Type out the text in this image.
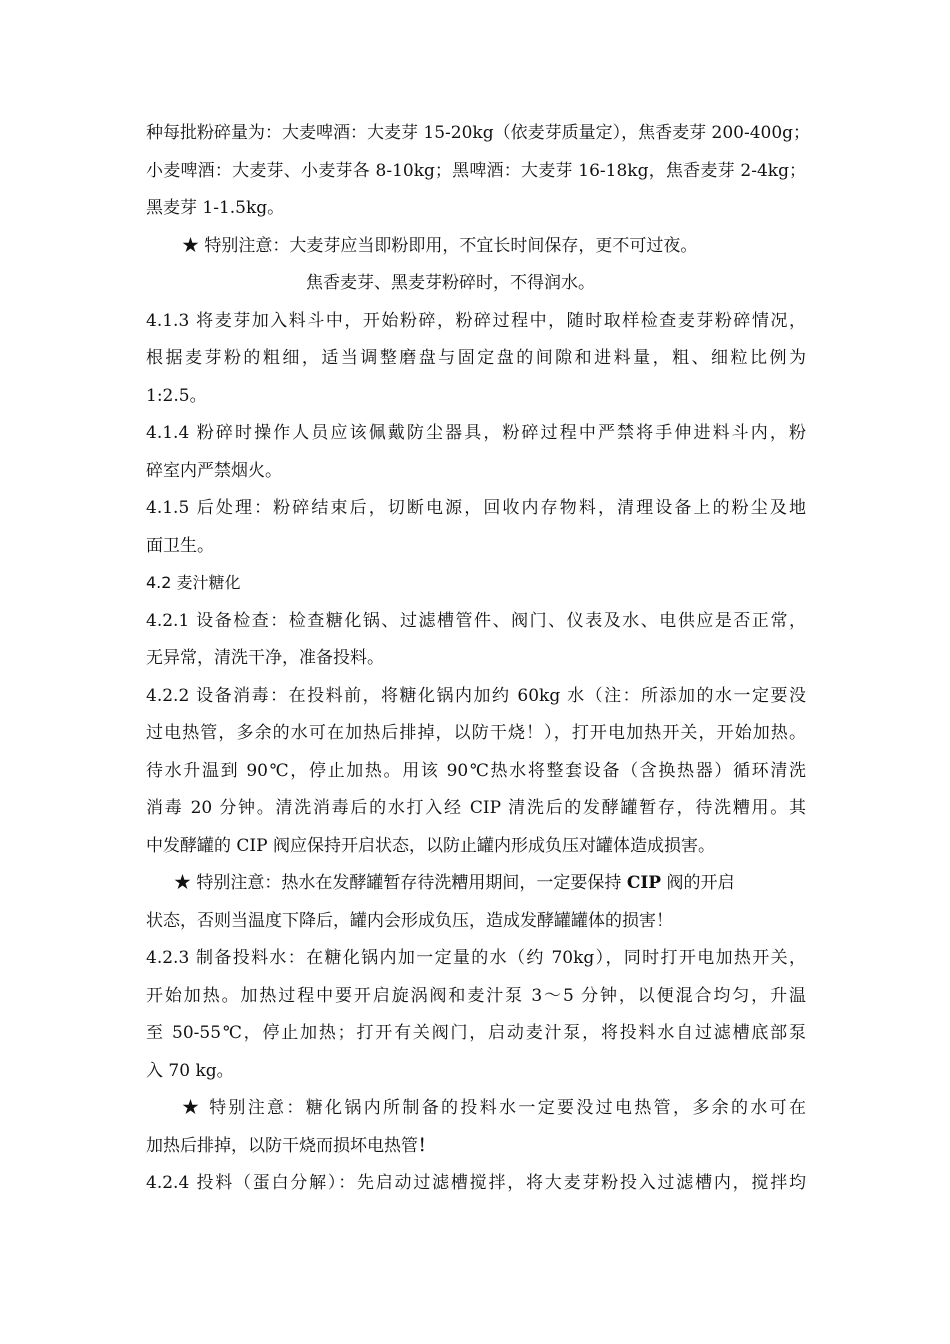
种每批粉碎量为：大麦啤酒：大麦芽 15-20kg（依麦芽质量定），焦香麦芽 200-400g；
小麦啤酒：大麦芽、小麦芽各 8-10kg；黑啤酒：大麦芽 16-18kg，焦香麦芽 2-4kg；
黑麦芽 1-1.5kg。
★ 特别注意：大麦芽应当即粉即用，不宜长时间保存，更不可过夜。
焦香麦芽、黑麦芽粉碎时，不得润水。
4.1.3 将麦芽加入料斗中，开始粉碎，粉碎过程中，随时取样检查麦芽粉碎情况，
根据麦芽粉的粗细，适当调整磨盘与固定盘的间隙和进料量，粗、细粒比例为
1:2.5。
4.1.4 粉碎时操作人员应该佩戴防尘器具，粉碎过程中严禁将手伸进料斗内，粉
碎室内严禁烟火。
4.1.5 后处理：粉碎结束后，切断电源，回收内存物料，清理设备上的粉尘及地
面卫生。
4.2 麦汁糖化
4.2.1 设备检查：检查糖化锅、过滤槽管件、阀门、仪表及水、电供应是否正常，
无异常，清洗干净，准备投料。
4.2.2 设备消毒：在投料前，将糖化锅内加约 60kg 水（注：所添加的水一定要没
过电热管，多余的水可在加热后排掉，以防干烧！），打开电加热开关，开始加热。
待水升温到 90℃，停止加热。用该 90℃热水将整套设备（含换热器）循环清洗
消毒 20 分钟。清洗消毒后的水打入经 CIP 清洗后的发酵罐暂存，待洗糟用。其
中发酵罐的 CIP 阀应保持开启状态，以防止罐内形成负压对罐体造成损害。
★ 特别注意：热水在发酵罐暂存待洗糟用期间，一定要保持 CIP 阀的开启
状态，否则当温度下降后，罐内会形成负压，造成发酵罐罐体的损害！
4.2.3 制备投料水：在糖化锅内加一定量的水（约 70kg），同时打开电加热开关，
开始加热。加热过程中要开启旋涡阀和麦汁泵 3～5 分钟，以便混合均匀，升温
至 50-55℃，停止加热；打开有关阀门，启动麦汁泵，将投料水自过滤槽底部泵
入 70 kg。
★ 特别注意：糖化锅内所制备的投料水一定要没过电热管，多余的水可在
加热后排掉，以防干烧而损坏电热管！
4.2.4 投料（蛋白分解）：先启动过滤槽搅拌，将大麦芽粉投入过滤槽内，搅拌均
